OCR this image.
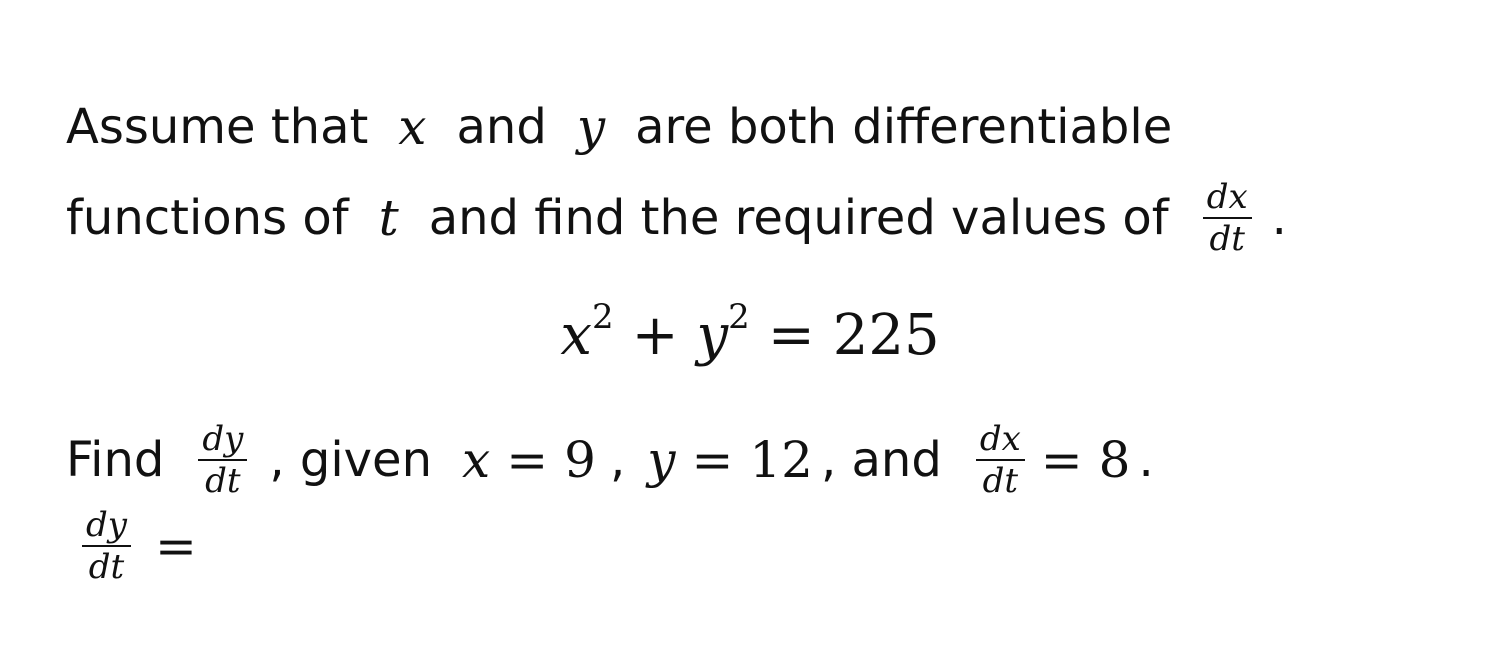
Assume that x and y are both differentiable
functions of t and find the required values of $\frac{dx}{dt}$ .
$x^2 + y^2 = 225$
Find $\frac{dy}{dt}$ , given x = 9 , y = 12 , and $\frac{dx}{dt} = 8$ .
$\frac{dy}{dt}$ =
